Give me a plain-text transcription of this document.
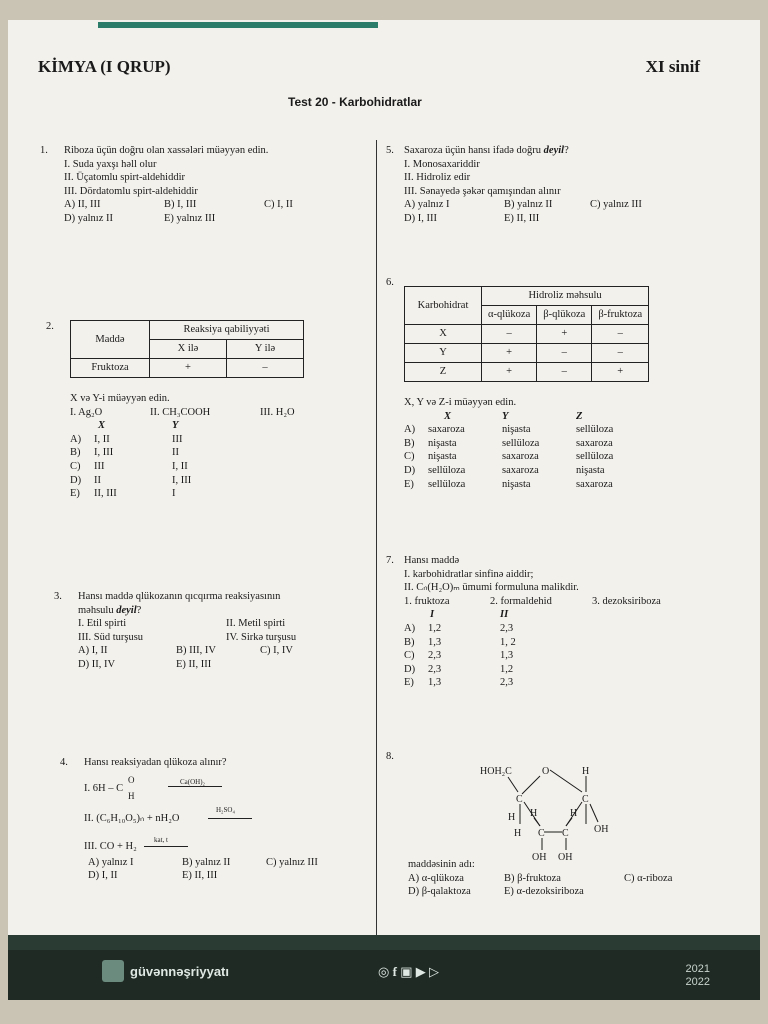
KİMYA (I QRUP)	XI sinif
Test 20 - Karbohidratlar
1. Riboza üçün doğru olan xassələri müəyyən edin.
I. Suda yaxşı həll olur
II. Üçatomlu spirt-aldehiddir
III. Dördatomlu spirt-aldehiddir
A) II, III	B) I, III	C) I, II
D) yalnız II	E) yalnız III
2.
Maddə	Reaksiya qabiliyyəti	
	X ilə	Y ilə
Fruktoza	+	–
X və Y-i müəyyən edin.
I. Ag₂O	II. CH₃COOH	III. H₂O
X	Y
A)	I, II	III
B)	I, III	II
C)	III	I, II
D)	II	I, III
E)	II, III	I
3. Hansı maddə qlükozanın qıcqırma reaksiyasının
məhsulu deyil?
I. Etil spirti	II. Metil spirti
III. Süd turşusu	IV. Sirkə turşusu
A) I, II	B) III, IV	C) I, IV
D) II, IV	E) II, III
4. Hansı reaksiyadan qlükoza alınır?
I. 6H – C
O
H
Ca(OH)₂
II. (C₆H₁₀O₅)ₙ + nH₂O
H₂SO₄
III. CO + H₂
kat, t
A) yalnız I	B) yalnız II	C) yalnız III
D) I, II	E) II, III
5. Saxaroza üçün hansı ifadə doğru deyil?
I. Monosaxariddir
II. Hidroliz edir
III. Sənayedə şəkər qamışından alınır
A) yalnız I	B) yalnız II	C) yalnız III
D) I, III	E) II, III
6.
Karbohidrat	Hidroliz məhsulu		
	α-qlükoza	β-qlükoza	β-fruktoza
X	–	+	–
Y	+	–	–
Z	+	–	+
X, Y və Z-i müəyyən edin.
X	Y	Z
A)	saxaroza	nişasta	sellüloza
B)	nişasta	sellüloza	saxaroza
C)	nişasta	saxaroza	sellüloza
D)	sellüloza	saxaroza	nişasta
E)	sellüloza	nişasta	saxaroza
7. Hansı maddə
I. karbohidratlar sinfinə aiddir;
II. Cₙ(H₂O)ₘ ümumi formuluna malikdir.
1. fruktoza	2. formaldehid	3. dezoksiriboza
I	II
A)	1,2	2,3
B)	1,3	1, 2
C)	2,3	1,3
D)	2,3	1,2
E)	1,3	2,3
8.
HOH₂C	O	H
C	C
H H	H
OH
H C C
OH OH
maddəsinin adı:
A) α-qlükoza	B) β-fruktoza	C) α-riboza
D) β-qalaktoza	E) α-dezoksiriboza
güvənnəşriyyatı	◎ f ▣ ▶ ▷	2021
2022
